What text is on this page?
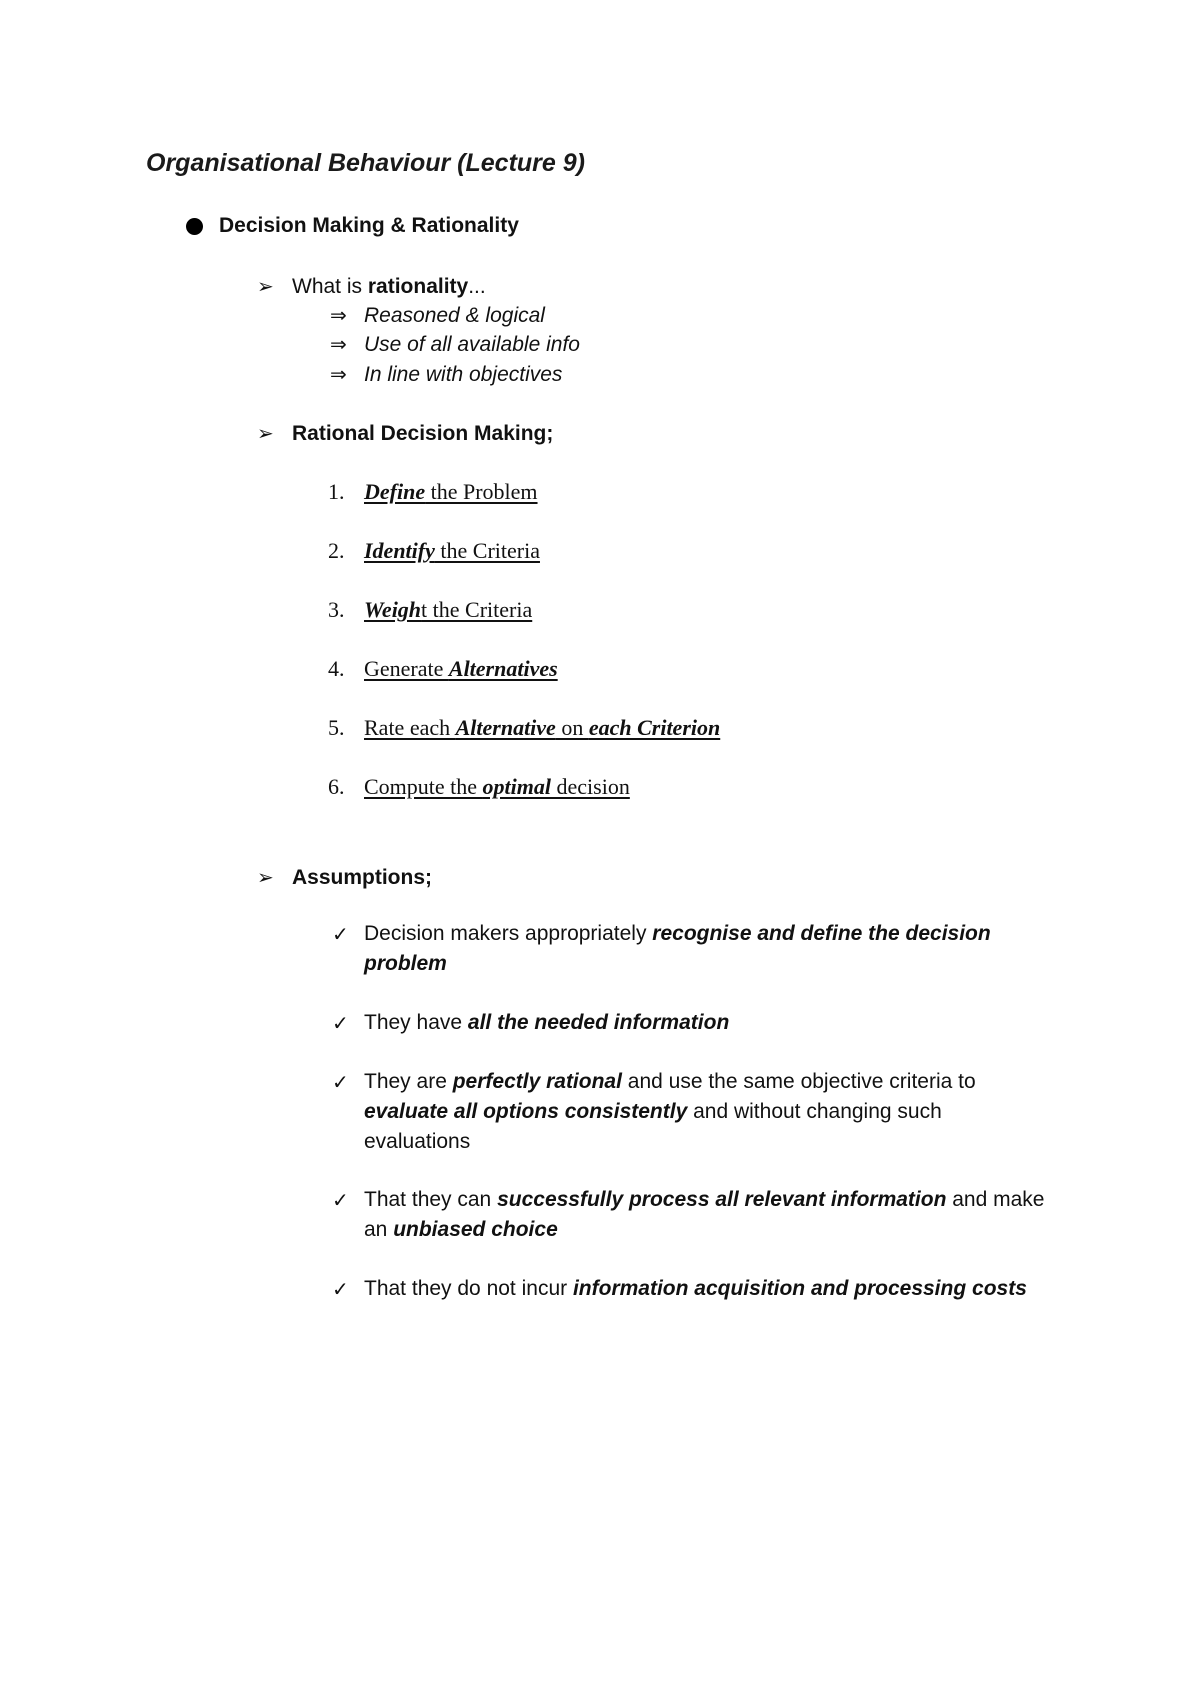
Organisational Behaviour (Lecture 9)
Decision Making & Rationality
➢ What is rationality...
⇒ Reasoned & logical
⇒ Use of all available info
⇒ In line with objectives
➢ Rational Decision Making;
1. Define the Problem
2. Identify the Criteria
3. Weight the Criteria
4. Generate Alternatives
5. Rate each Alternative on each Criterion
6. Compute the optimal decision
➢ Assumptions;
✓ Decision makers appropriately recognise and define the decision problem
✓ They have all the needed information
✓ They are perfectly rational and use the same objective criteria to evaluate all options consistently and without changing such evaluations
✓ That they can successfully process all relevant information and make an unbiased choice
✓ That they do not incur information acquisition and processing costs
